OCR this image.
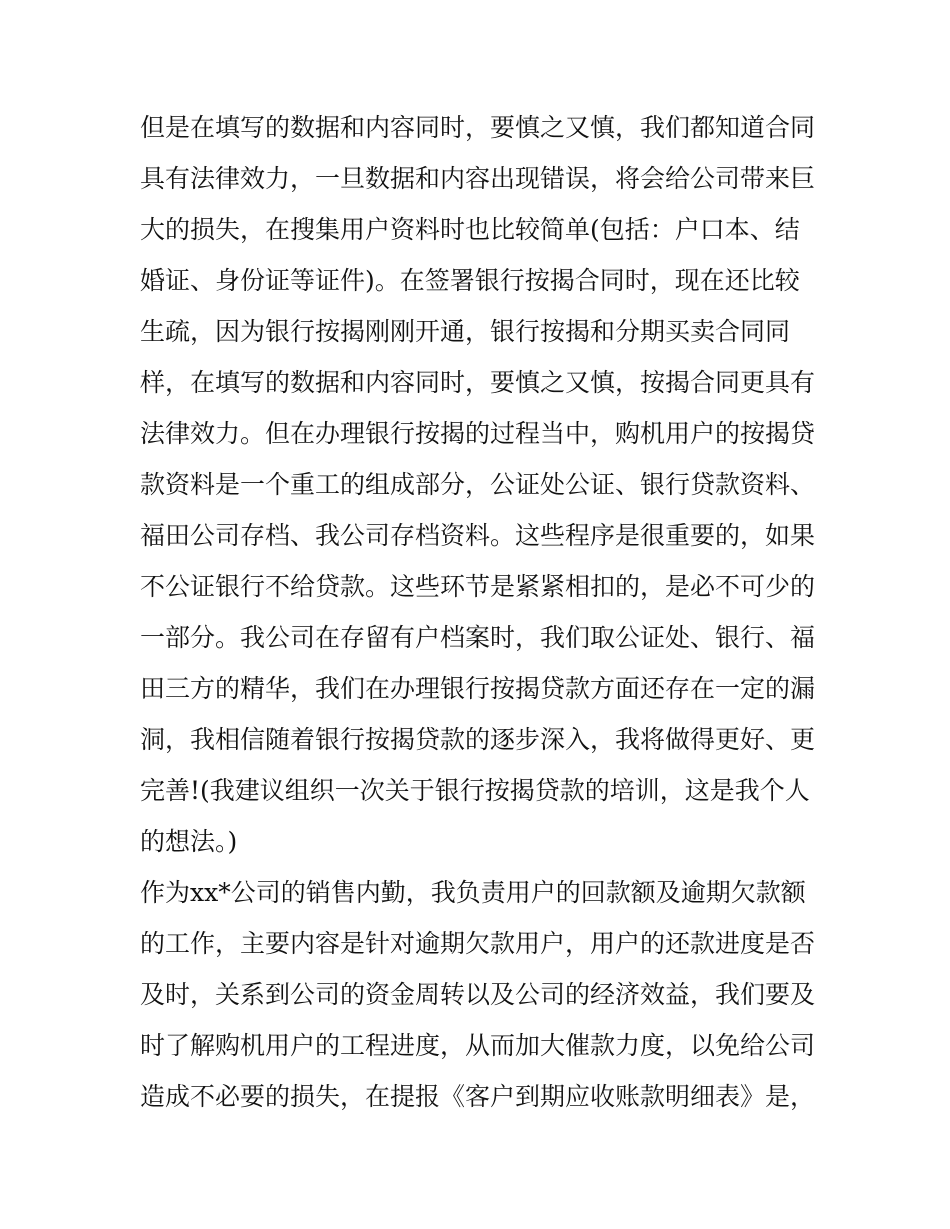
但是在填写的数据和内容同时，要慎之又慎，我们都知道合同
具有法律效力，一旦数据和内容出现错误，将会给公司带来巨
大的损失，在搜集用户资料时也比较简单(包括：户口本、结
婚证、身份证等证件)。在签署银行按揭合同时，现在还比较
生疏，因为银行按揭刚刚开通，银行按揭和分期买卖合同同
样，在填写的数据和内容同时，要慎之又慎，按揭合同更具有
法律效力。但在办理银行按揭的过程当中，购机用户的按揭贷
款资料是一个重工的组成部分，公证处公证、银行贷款资料、
福田公司存档、我公司存档资料。这些程序是很重要的，如果
不公证银行不给贷款。这些环节是紧紧相扣的，是必不可少的
一部分。我公司在存留有户档案时，我们取公证处、银行、福
田三方的精华，我们在办理银行按揭贷款方面还存在一定的漏
洞，我相信随着银行按揭贷款的逐步深入，我将做得更好、更
完善!(我建议组织一次关于银行按揭贷款的培训，这是我个人
的想法。)
作为xx*公司的销售内勤，我负责用户的回款额及逾期欠款额
的工作，主要内容是针对逾期欠款用户，用户的还款进度是否
及时，关系到公司的资金周转以及公司的经济效益，我们要及
时了解购机用户的工程进度，从而加大催款力度，以免给公司
造成不必要的损失，在提报《客户到期应收账款明细表》是，
